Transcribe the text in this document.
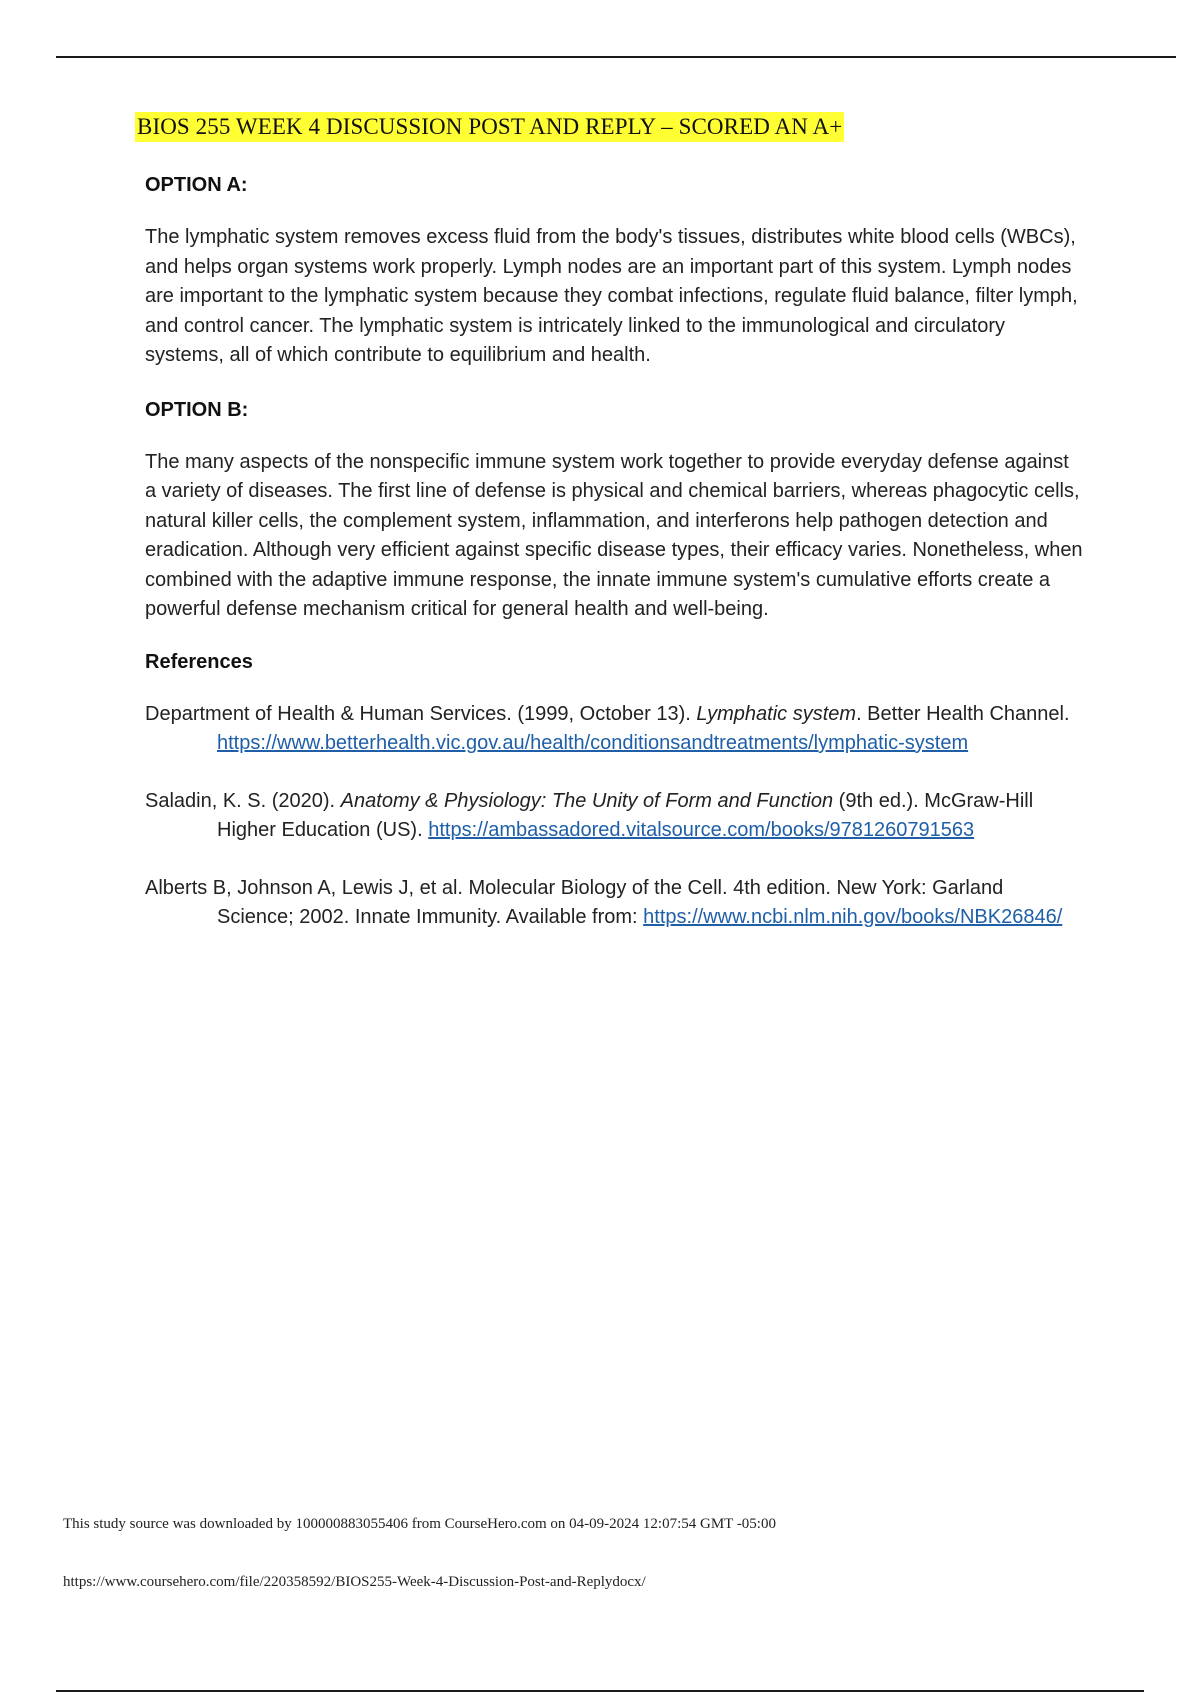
BIOS 255 WEEK 4 DISCUSSION POST AND REPLY – SCORED AN A+
OPTION A:

The lymphatic system removes excess fluid from the body's tissues, distributes white blood cells (WBCs), and helps organ systems work properly. Lymph nodes are an important part of this system. Lymph nodes are important to the lymphatic system because they combat infections, regulate fluid balance, filter lymph, and control cancer. The lymphatic system is intricately linked to the immunological and circulatory systems, all of which contribute to equilibrium and health.

OPTION B:

The many aspects of the nonspecific immune system work together to provide everyday defense against a variety of diseases. The first line of defense is physical and chemical barriers, whereas phagocytic cells, natural killer cells, the complement system, inflammation, and interferons help pathogen detection and eradication. Although very efficient against specific disease types, their efficacy varies. Nonetheless, when combined with the adaptive immune response, the innate immune system's cumulative efforts create a powerful defense mechanism critical for general health and well-being.

References

Department of Health & Human Services. (1999, October 13). Lymphatic system. Better Health Channel. https://www.betterhealth.vic.gov.au/health/conditionsandtreatments/lymphatic-system

Saladin, K. S. (2020). Anatomy & Physiology: The Unity of Form and Function (9th ed.). McGraw-Hill Higher Education (US). https://ambassadored.vitalsource.com/books/9781260791563

Alberts B, Johnson A, Lewis J, et al. Molecular Biology of the Cell. 4th edition. New York: Garland Science; 2002. Innate Immunity. Available from: https://www.ncbi.nlm.nih.gov/books/NBK26846/

This study source was downloaded by 100000883055406 from CourseHero.com on 04-09-2024 12:07:54 GMT -05:00
https://www.coursehero.com/file/220358592/BIOS255-Week-4-Discussion-Post-and-Replydocx/
